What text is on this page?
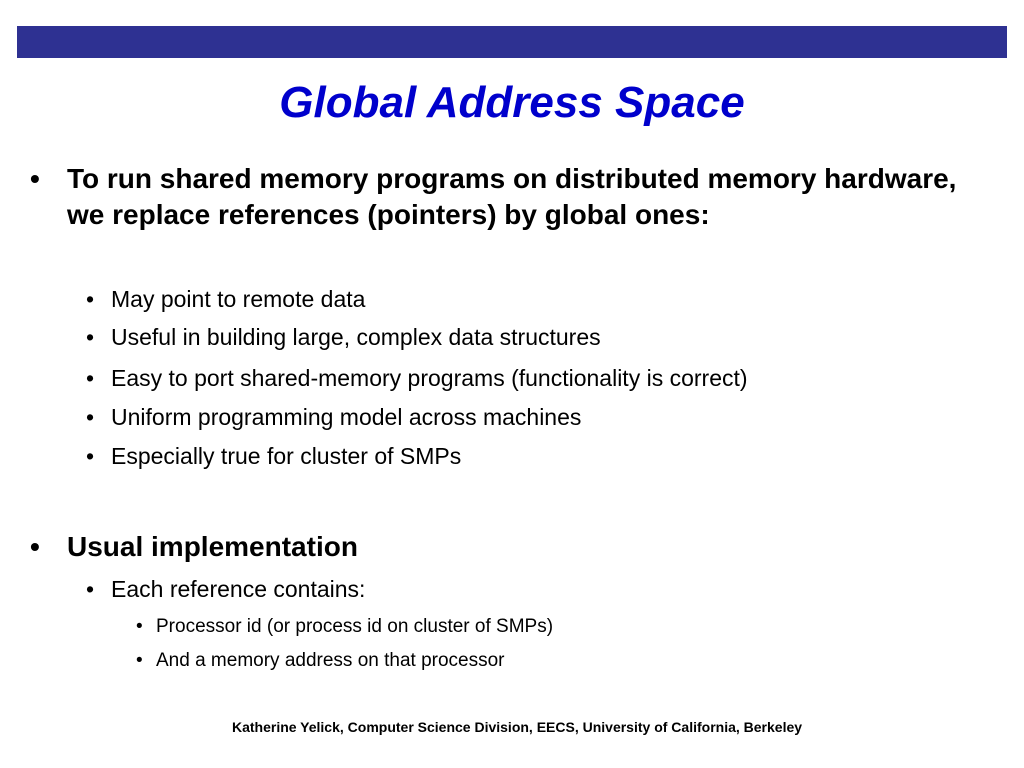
Global Address Space
• To run shared memory programs on distributed memory hardware, we replace references (pointers) by global ones:
• May point to remote data
• Useful in building large, complex data structures
• Easy to port shared-memory programs (functionality is correct)
• Uniform programming model across machines
• Especially true for cluster of SMPs
• Usual implementation
• Each reference contains:
• Processor id (or process id on cluster of SMPs)
• And a memory address on that processor
Katherine Yelick, Computer Science Division, EECS, University of California, Berkeley
